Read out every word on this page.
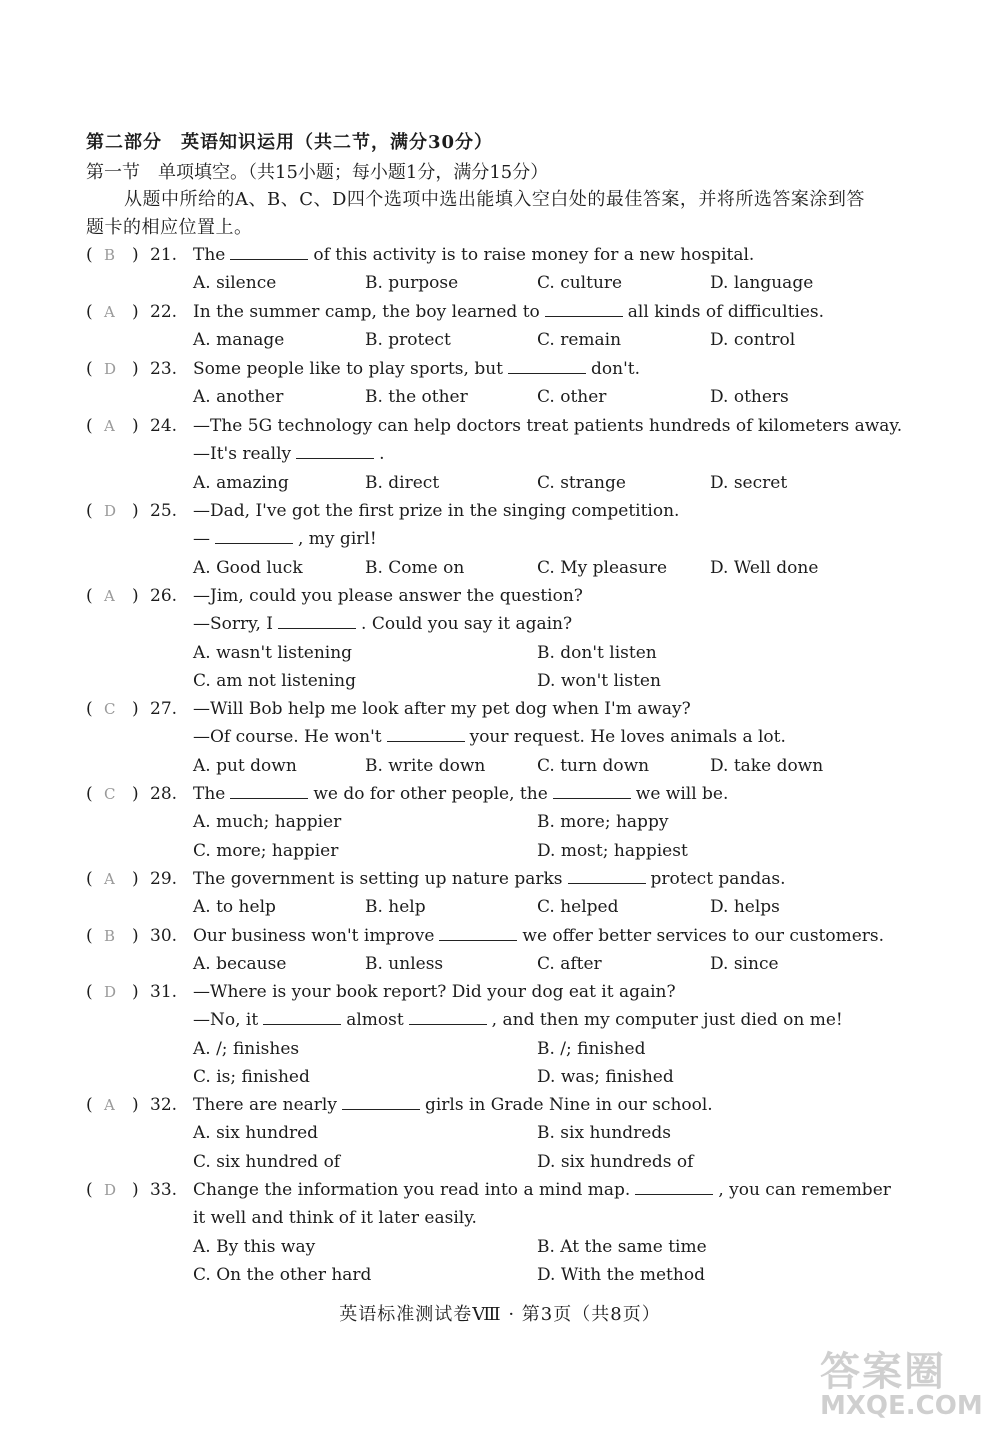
第二部分　英语知识运用（共二节，满分30分）
第一节　单项填空。（共15小题；每小题1分，满分15分）
从题中所给的A、B、C、D四个选项中选出能填入空白处的最佳答案，并将所选答案涂到答题卡的相应位置上。
( B ) 21. The	of this activity is to raise money for a new hospital.
A. silence	B. purpose	C. culture	D. language
( A ) 22. In the summer camp, the boy learned to	all kinds of difficulties.
A. manage	B. protect	C. remain	D. control
( D ) 23. Some people like to play sports, but	don't.
A. another	B. the other	C. other	D. others
( A ) 24. —The 5G technology can help doctors treat patients hundreds of kilometers away.
—It's really	.
A. amazing	B. direct	C. strange	D. secret
( D ) 25. —Dad, I've got the first prize in the singing competition.
—	, my girl!
A. Good luck	B. Come on	C. My pleasure	D. Well done
( A ) 26. —Jim, could you please answer the question?
—Sorry, I	. Could you say it again?
A. wasn't listening	B. don't listen
C. am not listening	D. won't listen
( C ) 27. —Will Bob help me look after my pet dog when I'm away?
—Of course. He won't	your request. He loves animals a lot.
A. put down	B. write down	C. turn down	D. take down
( C ) 28. The	we do for other people, the	we will be.
A. much; happier	B. more; happy
C. more; happier	D. most; happiest
( A ) 29. The government is setting up nature parks	protect pandas.
A. to help	B. help	C. helped	D. helps
( B ) 30. Our business won't improve	we offer better services to our customers.
A. because	B. unless	C. after	D. since
( D ) 31. —Where is your book report? Did your dog eat it again?
—No, it	almost	, and then my computer just died on me!
A. /; finishes	B. /; finished
C. is; finished	D. was; finished
( A ) 32. There are nearly	girls in Grade Nine in our school.
A. six hundred	B. six hundreds
C. six hundred of	D. six hundreds of
( D ) 33. Change the information you read into a mind map.	, you can remember
it well and think of it later easily.
A. By this way	B. At the same time
C. On the other hard	D. With the method
英语标准测试卷Ⅷ · 第3页（共8页）
答案圈
MXQE.COM
